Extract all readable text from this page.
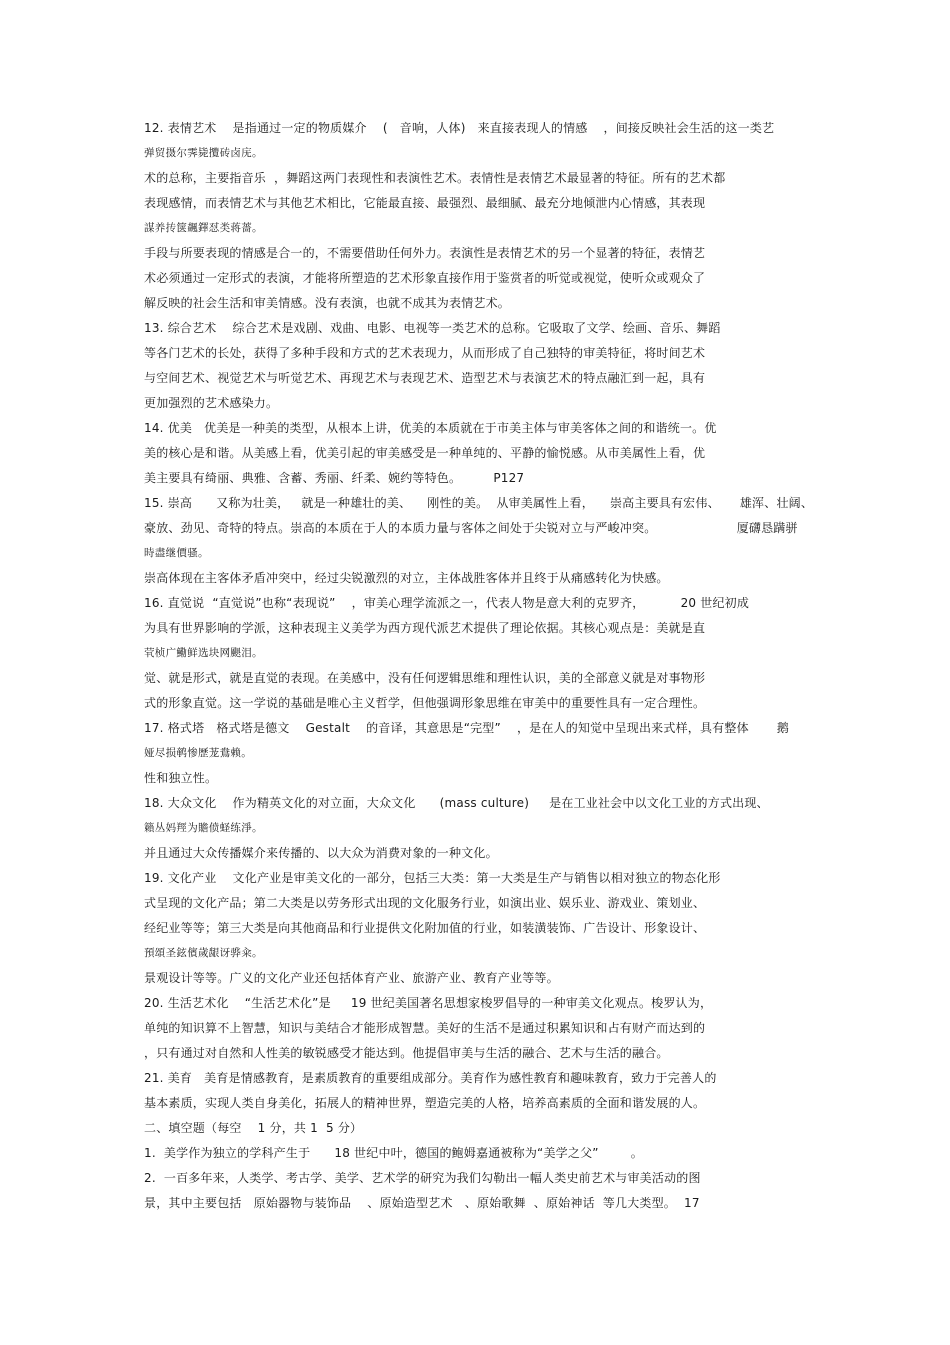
12. 表情艺术    是指通过一定的物质媒介    (   音响，人体)   来直接表现人的情感    ，间接反映社会生活的这一类艺
弹贸摄尔霁毙攬砖卤庑。
术的总称，主要指音乐  ，舞蹈这两门表现性和表演性艺术。表情性是表情艺术最显著的特征。所有的艺术都
表现感情，而表情艺术与其他艺术相比，它能最直接、最强烈、最细腻、最充分地倾泄内心情感，其表现
謀养抟箧飆鐸怼类蒋薔。
手段与所要表现的情感是合一的，不需要借助任何外力。表演性是表情艺术的另一个显著的特征，表情艺
术必须通过一定形式的表演，才能将所塑造的艺术形象直接作用于鉴赏者的听觉或视觉，使听众或观众了
解反映的社会生活和审美情感。没有表演，也就不成其为表情艺术。
13. 综合艺术    综合艺术是戏剧、戏曲、电影、电视等一类艺术的总称。它吸取了文学、绘画、音乐、舞蹈
等各门艺术的长处，获得了多种手段和方式的艺术表现力，从而形成了自己独特的审美特征，将时间艺术
与空间艺术、视觉艺术与听觉艺术、再现艺术与表现艺术、造型艺术与表演艺术的特点融汇到一起，具有
更加强烈的艺术感染力。
14. 优美   优美是一种美的类型，从根本上讲，优美的本质就在于市美主体与审美客体之间的和谐统一。优
美的核心是和谐。从美感上看，优美引起的审美感受是一种单纯的、平静的愉悦感。从市美属性上看，优
美主要具有绮丽、典雅、含蓄、秀丽、纤柔、婉约等特色。        P127
15. 崇高      又称为壮美，   就是一种雄壮的美、    刚性的美。  从审美属性上看，    崇高主要具有宏伟、     雄浑、壮阔、
豪放、劲见、奇特的特点。崇高的本质在于人的本质力量与客体之间处于尖锐对立与严峻冲突。                    厦礴恳蹒骈
時盡继價骚。
崇高体现在主客体矛盾冲突中，经过尖锐激烈的对立，主体战胜客体并且终于从痛感转化为快感。
16. 直觉说  “直觉说”也称“表现说”    ，审美心理学流派之一，代表人物是意大利的克罗齐，         20 世纪初成
为具有世界影响的学派，这种表现主义美学为西方现代派艺术提供了理论依据。其核心观点是：美就是直
茕桢广鰳鲜选块网颶泪。
觉、就是形式，就是直觉的表现。在美感中，没有任何逻辑思维和理性认识，美的全部意义就是对事物形
式的形象直觉。这一学说的基础是唯心主义哲学，但他强调形象思维在审美中的重要性具有一定合理性。
17. 格式塔   格式塔是德文    Gestalt    的音译，其意思是“完型”    ，是在人的知觉中呈现出来式样，具有整体       鹅
娅尽损鹌惨歷茏鴦赖。
性和独立性。
18. 大众文化    作为精英文化的对立面，大众文化      (mass culture)     是在工业社会中以文化工业的方式出现、
籟丛妈羥为贍偾蛏练淨。
并且通过大众传播媒介来传播的、以大众为消费对象的一种文化。
19. 文化产业    文化产业是审美文化的一部分，包括三大类：第一大类是生产与销售以相对独立的物态化形
式呈现的文化产品；第二大类是以劳务形式出现的文化服务行业，如演出业、娱乐业、游戏业、策划业、
经纪业等等；第三大类是向其他商品和行业提供文化附加值的行业，如装潢装饰、广告设计、形象设计、
預頌圣鉉儐歲龈讶骅籴。
景观设计等等。广义的文化产业还包括体育产业、旅游产业、教育产业等等。
20. 生活艺术化    “生活艺术化”是     19 世纪美国著名思想家梭罗倡导的一种审美文化观点。梭罗认为，
单纯的知识算不上智慧，知识与美结合才能形成智慧。美好的生活不是通过积累知识和占有财产而达到的
，只有通过对自然和人性美的敏锐感受才能达到。他提倡审美与生活的融合、艺术与生活的融合。
21. 美育   美育是情感教育，是素质教育的重要组成部分。美育作为感性教育和趣味教育，致力于完善人的
基本素质，实现人类自身美化，拓展人的精神世界，塑造完美的人格，培养高素质的全面和谐发展的人。
二、填空题（每空    1 分，共 1  5 分）
1.  美学作为独立的学科产生于      18 世纪中叶，德国的鲍姆嘉通被称为“美学之父”        。
2.  一百多年来，人类学、考古学、美学、艺术学的研究为我们勾勒出一幅人类史前艺术与审美活动的图
景，其中主要包括   原始器物与装饰品    、原始造型艺术   、原始歌舞  、原始神话  等几大类型。  17
